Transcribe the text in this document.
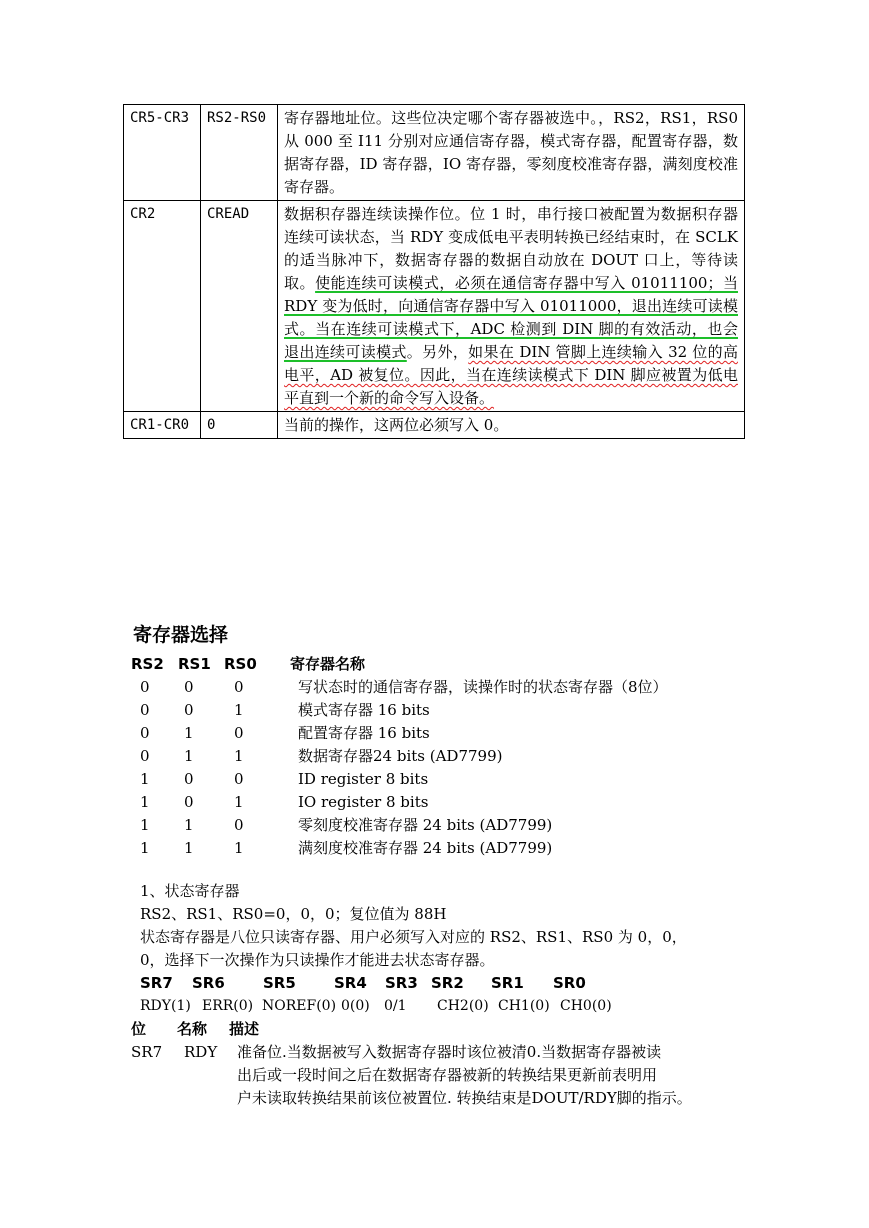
CR5-CR3	RS2-RS0	寄存器地址位。这些位决定哪个寄存器被选中。，RS2，RS1，RS0 从 000 至 I11 分别对应通信寄存器，模式寄存器，配置寄存器，数据寄存器，ID 寄存器，IO 寄存器，零刻度校准寄存器，满刻度校准寄存器。
CR2	CREAD	数据积存器连续读操作位。位 1 时，串行接口被配置为数据积存器连续可读状态，当 RDY 变成低电平表明转换已经结束时，在 SCLK 的适当脉冲下，数据寄存器的数据自动放在 DOUT 口上，等待读取。使能连续可读模式，必须在通信寄存器中写入 01011100；当 RDY 变为低时，向通信寄存器中写入 01011000，退出连续可读模式。当在连续可读模式下，ADC 检测到 DIN 脚的有效活动，也会退出连续可读模式。另外，如果在 DIN 管脚上连续输入 32 位的高电平，AD 被复位。因此，当在连续读模式下 DIN 脚应被置为低电平直到一个新的命令写入设备。
CR1-CR0	0	当前的操作，这两位必须写入 0。
寄存器选择
RS2 RS1 RS0 寄存器名称
0 0	0	写状态时的通信寄存器，读操作时的状态寄存器（8位）
0 0	1	模式寄存器 16 bits
0 1	0	配置寄存器 16 bits
0 1	1	数据寄存器24 bits (AD7799)
1 0	0	ID register 8 bits
1 0	1	IO register 8 bits
1 1	0	零刻度校准寄存器 24 bits (AD7799)
1 1	1	满刻度校准寄存器 24 bits (AD7799)
1、状态寄存器
RS2、RS1、RS0=0，0，0；复位值为 88H
状态寄存器是八位只读寄存器、用户必须写入对应的 RS2、RS1、RS0 为 0，0，
0，选择下一次操作为只读操作才能进去状态寄存器。
SR7 SR6	SR5	SR4 SR3 SR2 SR1 SR0
RDY(1) ERR(0) NOREF(0) 0(0) 0/1 CH2(0) CH1(0) CH0(0)
位 名称 描述
SR7 RDY 准备位.当数据被写入数据寄存器时该位被清0.当数据寄存器被读
出后或一段时间之后在数据寄存器被新的转换结果更新前表明用
户未读取转换结果前该位被置位. 转换结束是DOUT/RDY脚的指示。
